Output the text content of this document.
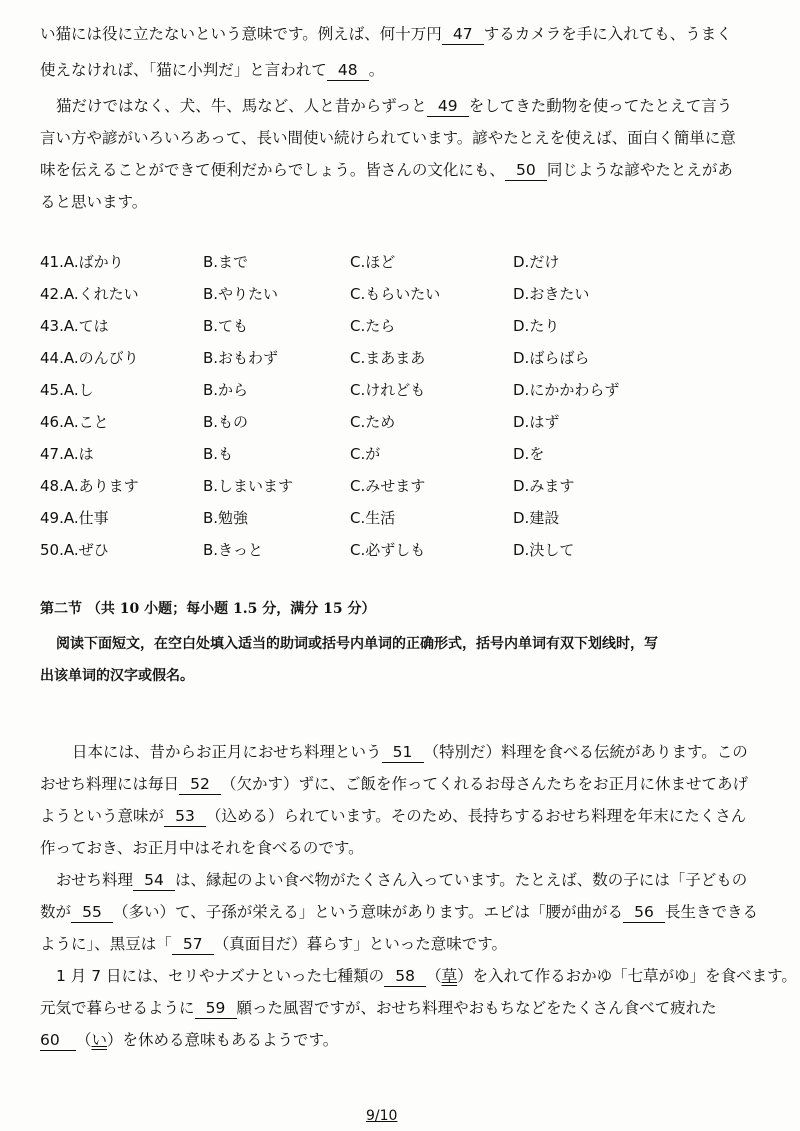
い猫には役に立たないという意味です。例えば、何十万円 47 するカメラを手に入れても、うまく
使えなければ、「猫に小判だ」と言われて 48 。
猫だけではなく、犬、牛、馬など、人と昔からずっと 49 をしてきた動物を使ってたとえて言う
言い方や諺がいろいろあって、長い間使い続けられています。諺やたとえを使えば、面白く簡単に意
味を伝えることができて便利だからでしょう。皆さんの文化にも、 50 同じような諺やたとえがあ
ると思います。
41.A.ばかり	B.まで	C.ほど	D.だけ
42.A.くれたい	B.やりたい	C.もらいたい	D.おきたい
43.A.ては	B.ても	C.たら	D.たり
44.A.のんびり	B.おもわず	C.まあまあ	D.ばらばら
45.A.し	B.から	C.けれども	D.にかかわらず
46.A.こと	B.もの	C.ため	D.はず
47.A.は	B.も	C.が	D.を
48.A.あります	B.しまいます	C.みせます	D.みます
49.A.仕事	B.勉強	C.生活	D.建設
50.A.ぜひ	B.きっと	C.必ずしも	D.決して
第二节 （共 10 小题；每小题 1.5 分，满分 15 分）
阅读下面短文，在空白处填入适当的助词或括号内单词的正确形式，括号内单词有双下划线时，写
出该单词的汉字或假名。
日本には、昔からお正月におせち料理という 51 （特別だ）料理を食べる伝統があります。この
おせち料理には毎日 52 （欠かす）ずに、ご飯を作ってくれるお母さんたちをお正月に休ませてあげ
ようという意味が 53 （込める）られています。そのため、長持ちするおせち料理を年末にたくさん
作っておき、お正月中はそれを食べるのです。
おせち料理 54 は、縁起のよい食べ物がたくさん入っています。たとえば、数の子には「子どもの
数が 55 （多い）て、子孫が栄える」という意味があります。エビは「腰が曲がる 56 長生きできる
ように」、黒豆は「 57 （真面目だ）暮らす」といった意味です。
1 月 7 日には、セリやナズナといった七種類の 58 （草）を入れて作るおかゆ「七草がゆ」を食べます。
元気で暮らせるように 59 願った風習ですが、おせち料理やおもちなどをたくさん食べて疲れた
60 （い）を休める意味もあるようです。
9/10
